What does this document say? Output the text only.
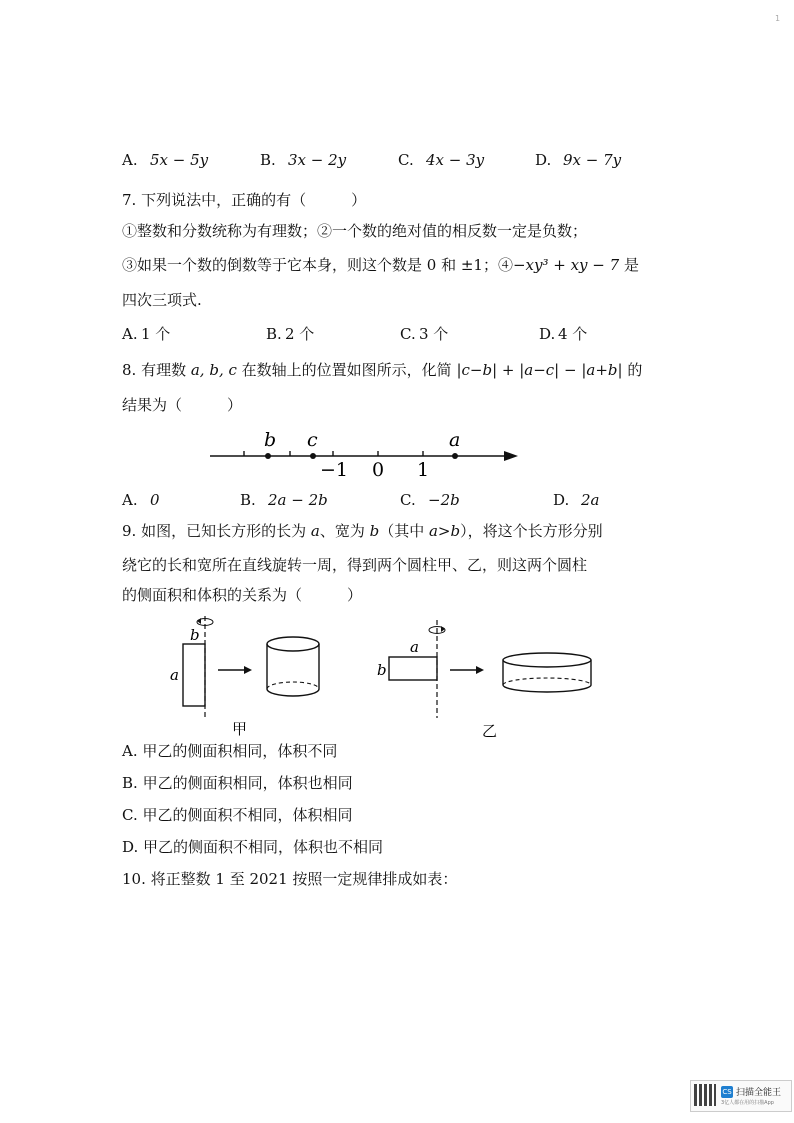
1
A. 5x − 5y	B. 3x − 2y	C. 4x − 3y	D. 9x − 7y
7. 下列说法中，正确的有（　　　）
①整数和分数统称为有理数；②一个数的绝对值的相反数一定是负数；
③如果一个数的倒数等于它本身，则这个数是 0 和 ±1；④−xy³ + xy − 7 是
四次三项式.
A. 1 个	B. 2 个	C. 3 个	D. 4 个
8. 有理数 a, b, c 在数轴上的位置如图所示，化简 |c−b| + |a−c| − |a+b| 的
结果为（　　　）
b c	a
−1 0 1
A. 0	B. 2a − 2b	C. −2b	D. 2a
9. 如图，已知长方形的长为 a、宽为 b（其中 a>b），将这个长方形分别
绕它的长和宽所在直线旋转一周，得到两个圆柱甲、乙，则这两个圆柱
的侧面积和体积的关系为（　　　）
b
a
甲
a
b
乙
A. 甲乙的侧面积相同，体积不同
B. 甲乙的侧面积相同，体积也相同
C. 甲乙的侧面积不相同，体积相同
D. 甲乙的侧面积不相同，体积也不相同
10. 将正整数 1 至 2021 按照一定规律排成如表：
CS 扫描全能王
3亿人都在用的扫描App
